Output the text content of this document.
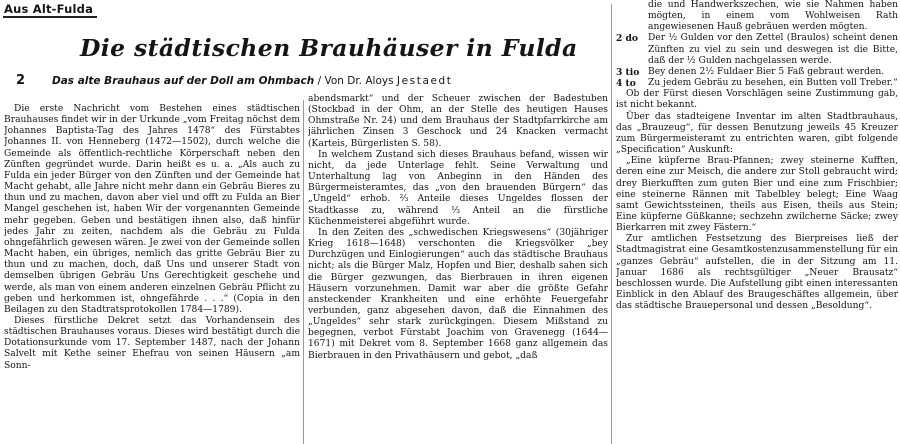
Aus Alt-Fulda
Die städtischen Brauhäuser in Fulda
2	Das alte Brauhaus auf der Doll am Ohmbach / Von Dr. Aloys Jestaedt

Die erste Nachricht vom Bestehen eines städtischen Brauhauses findet wir in der Urkunde „vom Freitag nöchst dem Johannes Baptista-Tag des Jahres 1478“ des Fürstabtes Johannes II. von Henneberg (1472—1502), durch welche die Gemeinde als öffentlich-rechtliche Körperschaft neben den Zünften gegründet wurde. Darin heißt es u. a. „Als auch zu Fulda ein jeder Bürger von den Zünften und der Gemeinde hat Macht gehabt, alle Jahre nicht mehr dann ein Gebräu Bieres zu thun und zu machen, davon aber viel und offt zu Fulda an Bier Mangel geschehen ist, haben Wir der vorgenannten Gemeinde mehr gegeben. Geben und bestätigen ihnen also, daß hinfür jedes Jahr zu zeiten, nachdem als die Gebräu zu Fulda ohngefährlich gewesen wären. Je zwei von der Gemeinde sollen Macht haben, ein übriges, nemlich das gritte Gebräu Bier zu thun und zu machen, doch, daß Uns und unserer Stadt von demselben übrigen Gebräu Uns Gerechtigkeit geschehe und werde, als man von einem anderen einzelnen Gebräu Pflicht zu geben und herkommen ist, ohngefährde . . .“ (Copia in den Beilagen zu den Stadtratsprotokollen 1784—1789).

Dieses fürstliche Dekret setzt das Vorhandensein des städtischen Brauhauses voraus. Dieses wird bestätigt durch die Dotationsurkunde vom 17. September 1487, nach der Johann Salvelt mit Kethe seiner Ehefrau von seinen Häusern „am Sonn-

abendsmarkt“ und der Scheuer zwischen der Badestuben (Stockbad in der Ohm, an der Stelle des heutigen Hauses Ohmstraße Nr. 24) und dem Brauhaus der Stadtpfarrkirche am jährlichen Zinsen 3 Geschock und 24 Knacken vermacht (Karteis, Bürgerlisten S. 58).

In welchem Zustand sich dieses Brauhaus befand, wissen wir nicht, da jede Unterlage fehlt. Seine Verwaltung und Unterhaltung lag von Anbeginn in den Händen des Bürgermeisteramtes, das „von den brauenden Bürgern“ das „Ungeld“ erhob. ⅔ Anteile dieses Ungeldes flossen der Stadtkasse zu, während ⅓ Anteil an die fürstliche Küchenmeisterei abgeführt wurde.

In den Zeiten des „schwedischen Kriegswesens“ (30jähriger Krieg 1618—1648) verschonten die Kriegsvölker „bey Durchzügen und Einlogierungen“ auch das städtische Brauhaus nicht; als die Bürger Malz, Hopfen und Bier, deshalb sahen sich die Bürger gezwungen, das Bierbrauen in ihren eigenen Häusern vorzunehmen. Damit war aber die größte Gefahr ansteckender Krankheiten und eine erhöhte Feuergefahr verbunden, ganz abgesehen davon, daß die Einnahmen des „Ungeldes“ sehr stark zurückgingen. Diesem Mißstand zu begegnen, verbot Fürstabt Joachim von Gravenegg (1644—1671) mit Dekret vom 8. September 1668 ganz allgemein das Bierbrauen in den Privathäusern und gebot, „daß

die und Handwerkszechen, wie sie Nahmen haben mögten, in einem vom Wohlweisen Rath angewiesenen Hauß gebräuen werden mögten.

2 do	Der ½ Gulden vor den Zettel (Braulos) scheint denen Zünften zu viel zu sein und deswegen ist die Bitte, daß der ½ Gulden nachgelassen werde.
3 tio Bey denen 2½ Fuldaer Bier 5 Faß gebraut werden.
4 to	Zu jedem Gebräu zu besehen, ein Butten voll Treber.“

Ob der Fürst diesen Vorschlägen seine Zustimmung gab, ist nicht bekannt.

Über das stadteigene Inventar im alten Stadtbrauhaus, das „Brauzeug“, für dessen Benutzung jeweils 45 Kreuzer zum Bürgermeisteramt zu entrichten waren, gibt folgende „Specification“ Auskunft:

„Eine küpferne Brau-Pfannen; zwey steinerne Kufften, deren eine zur Meisch, die andere zur Stoll gebraucht wird; drey Bierkufften zum guten Bier und eine zum Frischbier; eine steinerne Rännen mit Tabelbley belegt; Eine Waag samt Gewichtssteinen, theils aus Eisen, theils aus Stein; Eine küpferne Güßkanne; sechzehn zwilcherne Säcke; zwey Bierkarren mit zwey Fästern.“

Zur amtlichen Festsetzung des Bierpreises ließ der Stadtmagistrat eine Gesamtkostenzusammenstellung für ein „ganzes Gebräu“ aufstellen, die in der Sitzung am 11. Januar 1686 als rechtsgültiger „Neuer Brausatz“ beschlossen wurde. Die Aufstellung gibt einen interessanten Einblick in den Ablauf des Braugeschäftes allgemein, über das städtische Brauepersonal und dessen „Besoldung“.
